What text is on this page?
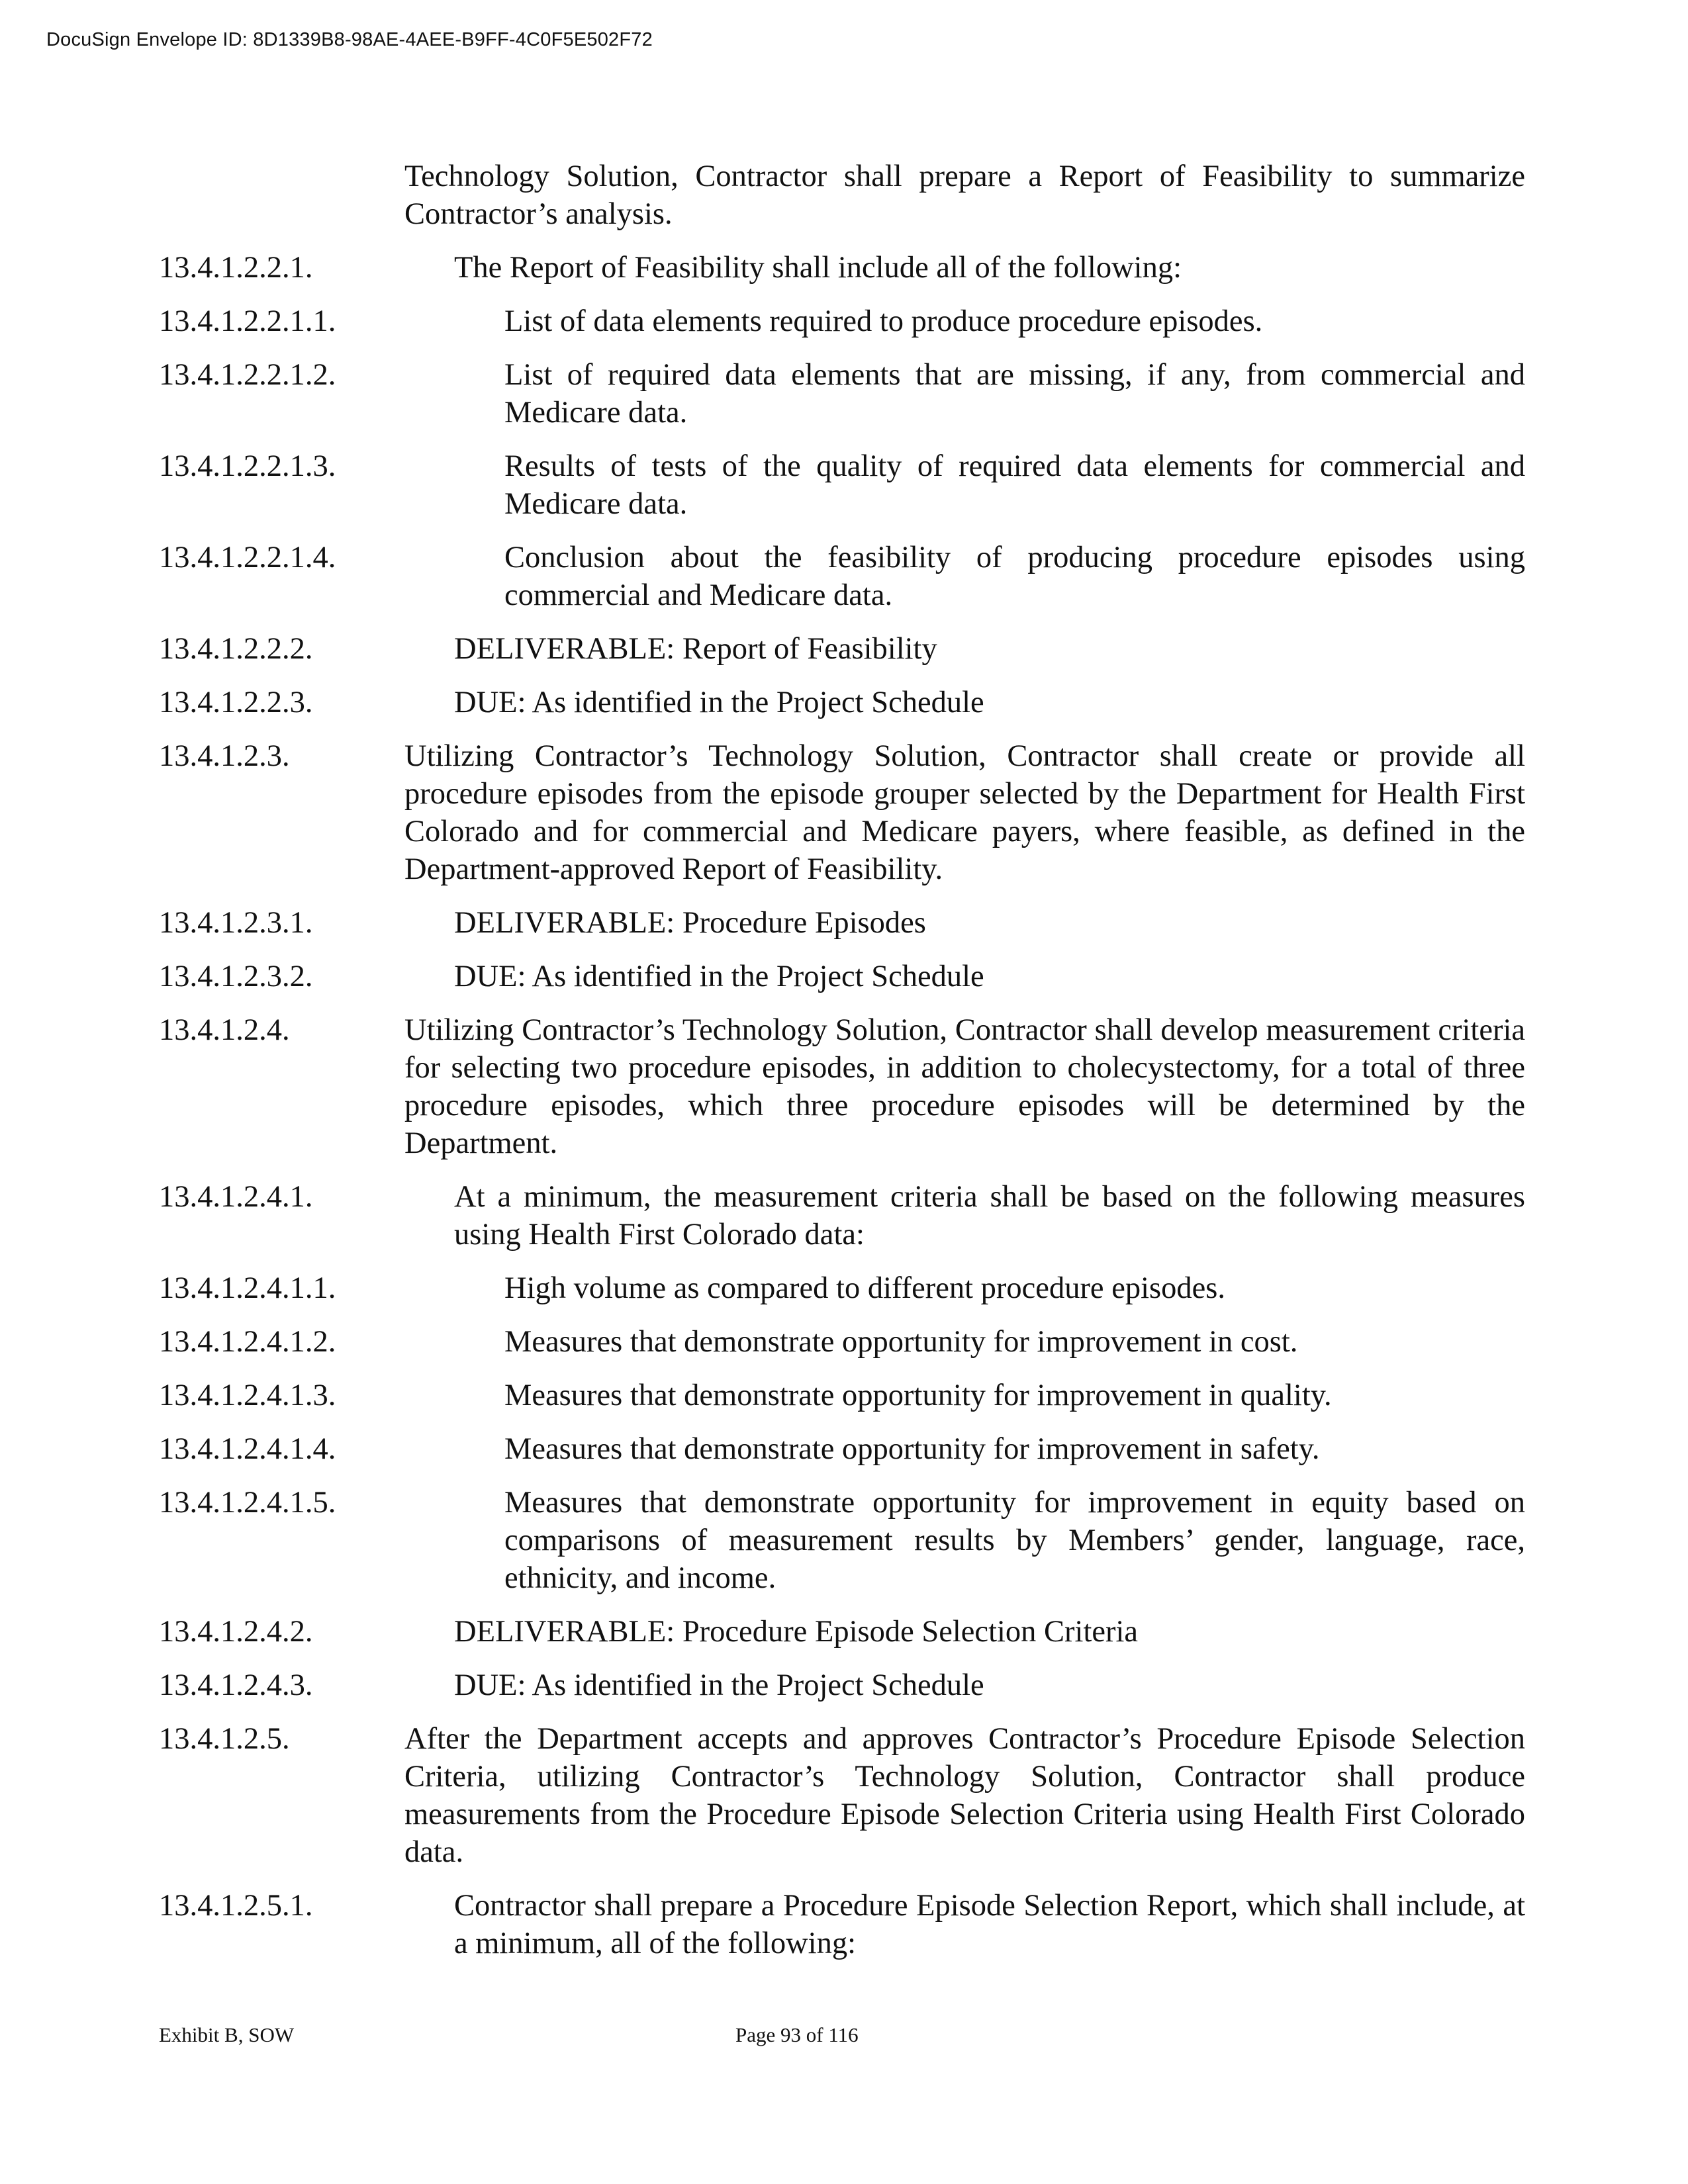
DocuSign Envelope ID: 8D1339B8-98AE-4AEE-B9FF-4C0F5E502F72
Technology Solution, Contractor shall prepare a Report of Feasibility to summarize Contractor’s analysis.
13.4.1.2.2.1.	The Report of Feasibility shall include all of the following:
13.4.1.2.2.1.1.	List of data elements required to produce procedure episodes.
13.4.1.2.2.1.2.	List of required data elements that are missing, if any, from commercial and Medicare data.
13.4.1.2.2.1.3.	Results of tests of the quality of required data elements for commercial and Medicare data.
13.4.1.2.2.1.4.	Conclusion about the feasibility of producing procedure episodes using commercial and Medicare data.
13.4.1.2.2.2.	DELIVERABLE: Report of Feasibility
13.4.1.2.2.3.	DUE: As identified in the Project Schedule
13.4.1.2.3.	Utilizing Contractor’s Technology Solution, Contractor shall create or provide all procedure episodes from the episode grouper selected by the Department for Health First Colorado and for commercial and Medicare payers, where feasible, as defined in the Department-approved Report of Feasibility.
13.4.1.2.3.1.	DELIVERABLE: Procedure Episodes
13.4.1.2.3.2.	DUE: As identified in the Project Schedule
13.4.1.2.4.	Utilizing Contractor’s Technology Solution, Contractor shall develop measurement criteria for selecting two procedure episodes, in addition to cholecystectomy, for a total of three procedure episodes, which three procedure episodes will be determined by the Department.
13.4.1.2.4.1.	At a minimum, the measurement criteria shall be based on the following measures using Health First Colorado data:
13.4.1.2.4.1.1.	High volume as compared to different procedure episodes.
13.4.1.2.4.1.2.	Measures that demonstrate opportunity for improvement in cost.
13.4.1.2.4.1.3.	Measures that demonstrate opportunity for improvement in quality.
13.4.1.2.4.1.4.	Measures that demonstrate opportunity for improvement in safety.
13.4.1.2.4.1.5.	Measures that demonstrate opportunity for improvement in equity based on comparisons of measurement results by Members’ gender, language, race, ethnicity, and income.
13.4.1.2.4.2.	DELIVERABLE: Procedure Episode Selection Criteria
13.4.1.2.4.3.	DUE: As identified in the Project Schedule
13.4.1.2.5.	After the Department accepts and approves Contractor’s Procedure Episode Selection Criteria, utilizing Contractor’s Technology Solution, Contractor shall produce measurements from the Procedure Episode Selection Criteria using Health First Colorado data.
13.4.1.2.5.1.	Contractor shall prepare a Procedure Episode Selection Report, which shall include, at a minimum, all of the following:
Exhibit B, SOW	Page 93 of 116
